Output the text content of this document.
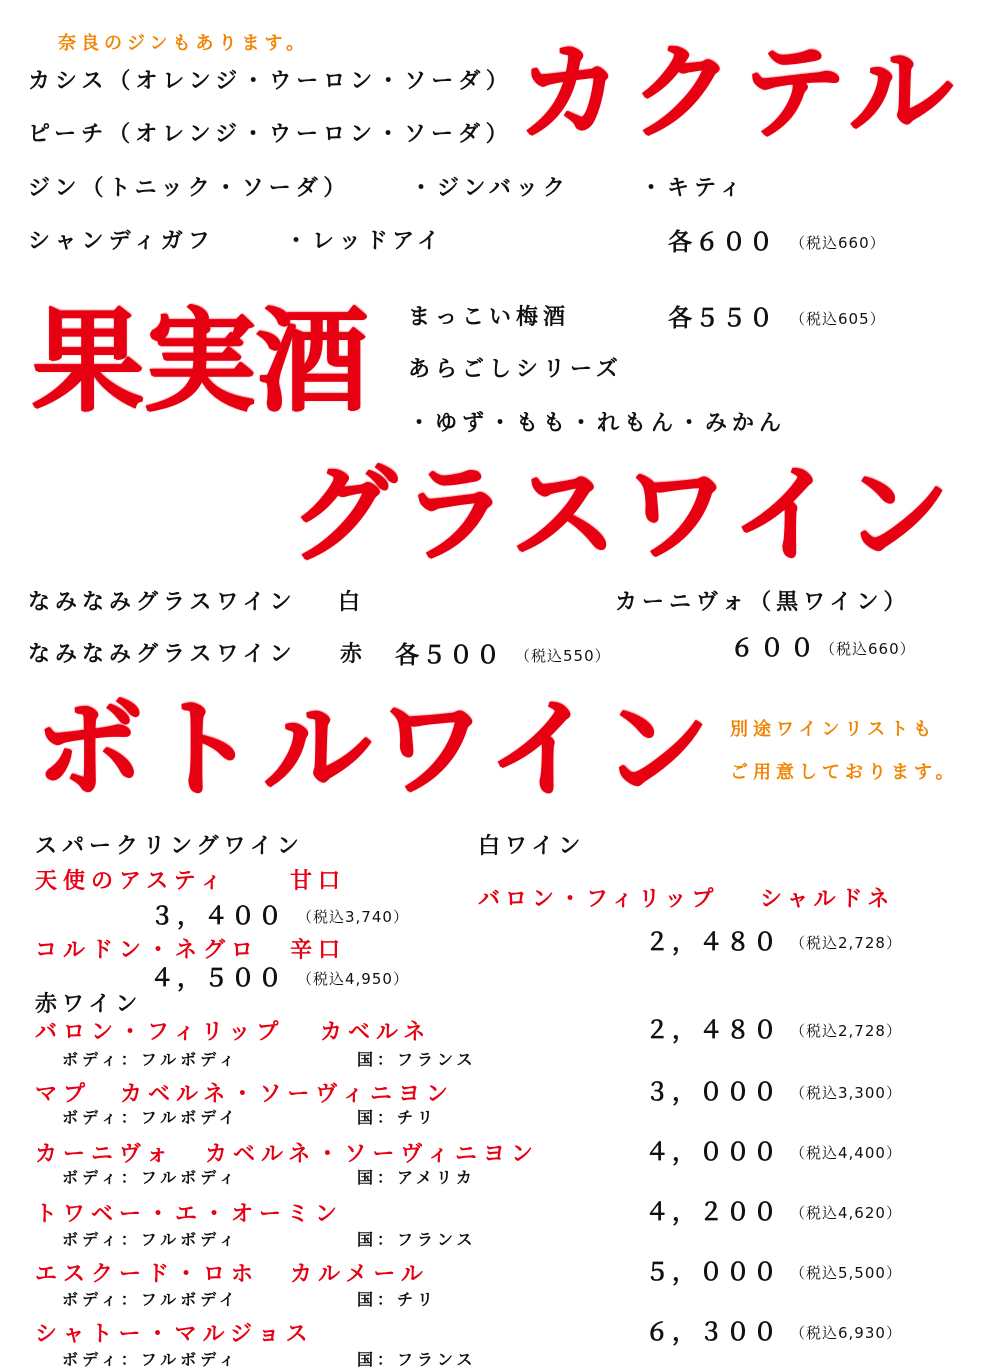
奈良のジンもあります。 カクテル
カシス（オレンジ・ウーロン・ソーダ）
ピーチ（オレンジ・ウーロン・ソーダ）
ジン（トニック・ソーダ）	・ジンバック	・キティ
シャンディガフ	・レッドアイ	各６００ （税込660）
果実酒 まっこい梅酒	各５５０ （税込605）
あらごしシリーズ
・ゆず・もも・れもん・みかん
グラスワイン
なみなみグラスワイン 白	カーニヴォ（黒ワイン）
なみなみグラスワイン 赤 各５００ （税込550）	６００ （税込660）
ボトルワイン 別途ワインリストも
ご用意しております。
スパークリングワイン
天使のアスティ	甘口
３，４００ （税込3,740）
コルドン・ネグロ 辛口
４，５００ （税込4,950）
白ワイン
バロン・フィリップ シャルドネ
２，４８０ （税込2,728）
赤ワイン
バロン・フィリップ カベルネ
ボディ：フルボディ	国：フランス
２，４８０ （税込2,728）
マプ カベルネ・ソーヴィニヨン
ボディ：フルボデイ	国：チリ
３，０００ （税込3,300）
カーニヴォ カベルネ・ソーヴィニヨン
ボディ：フルボディ	国：アメリカ
４，０００ （税込4,400）
トワベー・エ・オーミン
ボディ：フルボディ	国：フランス
４，２００ （税込4,620）
エスクード・ロホ カルメール
ボディ：フルボデイ	国：チリ
５，０００ （税込5,500）
シャトー・マルジョス
ボディ：フルボディ	国：フランス
６，３００ （税込6,930）
